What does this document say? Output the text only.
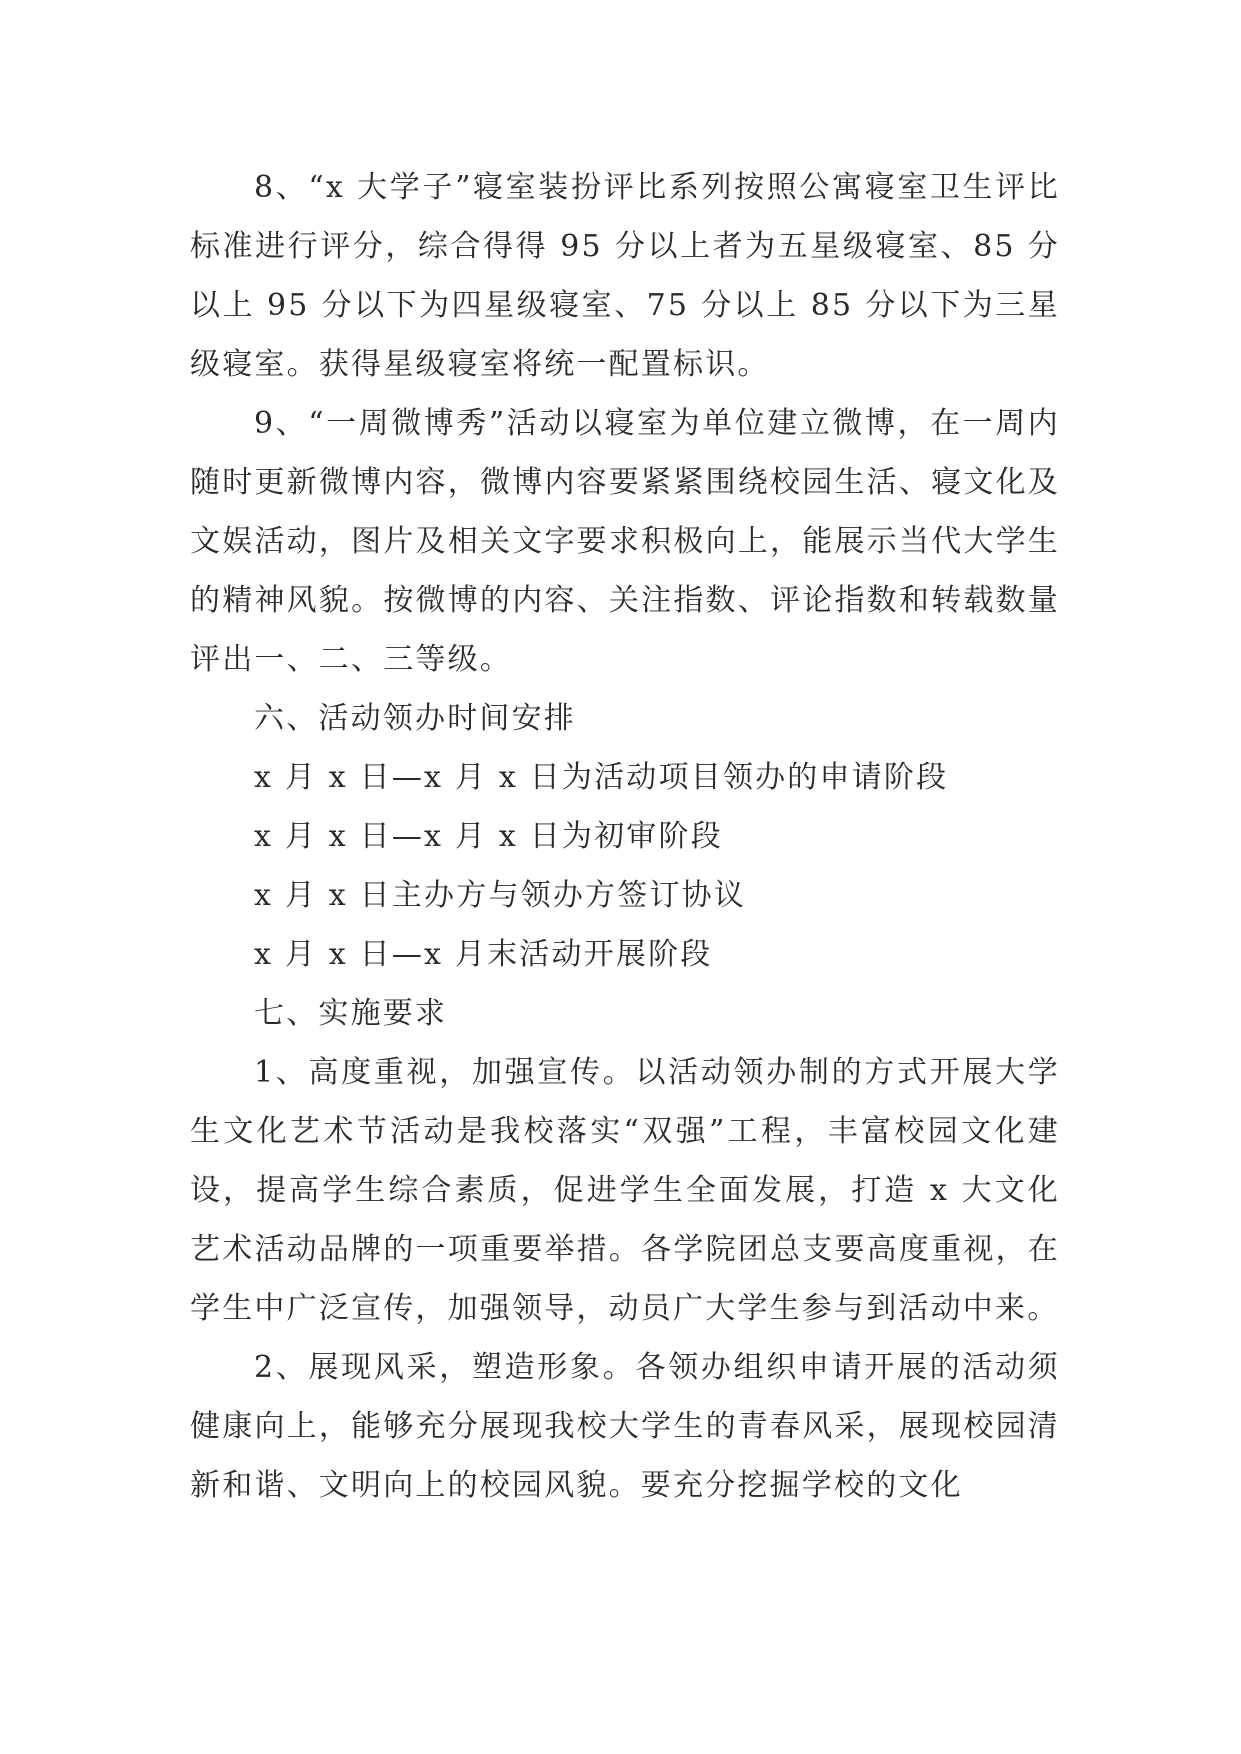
8、“x 大学子”寝室装扮评比系列按照公寓寝室卫生评比标准进行评分，综合得得 95 分以上者为五星级寝室、85 分以上 95 分以下为四星级寝室、75 分以上 85 分以下为三星级寝室。获得星级寝室将统一配置标识。

9、“一周微博秀”活动以寝室为单位建立微博，在一周内随时更新微博内容，微博内容要紧紧围绕校园生活、寝文化及文娱活动，图片及相关文字要求积极向上，能展示当代大学生的精神风貌。按微博的内容、关注指数、评论指数和转载数量评出一、二、三等级。

六、活动领办时间安排

x 月 x 日—x 月 x 日为活动项目领办的申请阶段

x 月 x 日—x 月 x 日为初审阶段

x 月 x 日主办方与领办方签订协议

x 月 x 日—x 月末活动开展阶段

七、实施要求

1、高度重视，加强宣传。以活动领办制的方式开展大学生文化艺术节活动是我校落实“双强”工程，丰富校园文化建设，提高学生综合素质，促进学生全面发展，打造 x 大文化艺术活动品牌的一项重要举措。各学院团总支要高度重视，在学生中广泛宣传，加强领导，动员广大学生参与到活动中来。

2、展现风采，塑造形象。各领办组织申请开展的活动须健康向上，能够充分展现我校大学生的青春风采，展现校园清新和谐、文明向上的校园风貌。要充分挖掘学校的文化
